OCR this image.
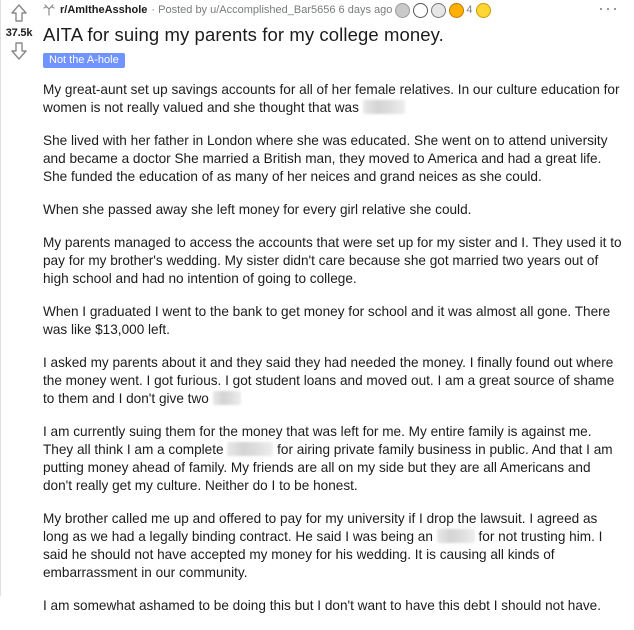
37.5k
r/AmItheAsshole · Posted by u/Accomplished_Bar5656 6 days ago	4	···
AITA for suing my parents for my college money.
Not the A-hole

My great-aunt set up savings accounts for all of her female relatives. In our culture education for women is not really valued and she thought that was

She lived with her father in London where she was educated. She went on to attend university and became a doctor She married a British man, they moved to America and had a great life. She funded the education of as many of her neices and grand neices as she could.

When she passed away she left money for every girl relative she could.

My parents managed to access the accounts that were set up for my sister and I. They used it to pay for my brother's wedding. My sister didn't care because she got married two years out of high school and had no intention of going to college.

When I graduated I went to the bank to get money for school and it was almost all gone. There was like $13,000 left.

I asked my parents about it and they said they had needed the money. I finally found out where the money went. I got furious. I got student loans and moved out. I am a great source of shame to them and I don't give two

I am currently suing them for the money that was left for me. My entire family is against me. They all think I am a complete	for airing private family business in public. And that I am putting money ahead of family. My friends are all on my side but they are all Americans and don't really get my culture. Neither do I to be honest.

My brother called me up and offered to pay for my university if I drop the lawsuit. I agreed as long as we had a legally binding contract. He said I was being an	for not trusting him. I said he should not have accepted my money for his wedding. It is causing all kinds of embarrassment in our community.

I am somewhat ashamed to be doing this but I don't want to have this debt I should not have.
